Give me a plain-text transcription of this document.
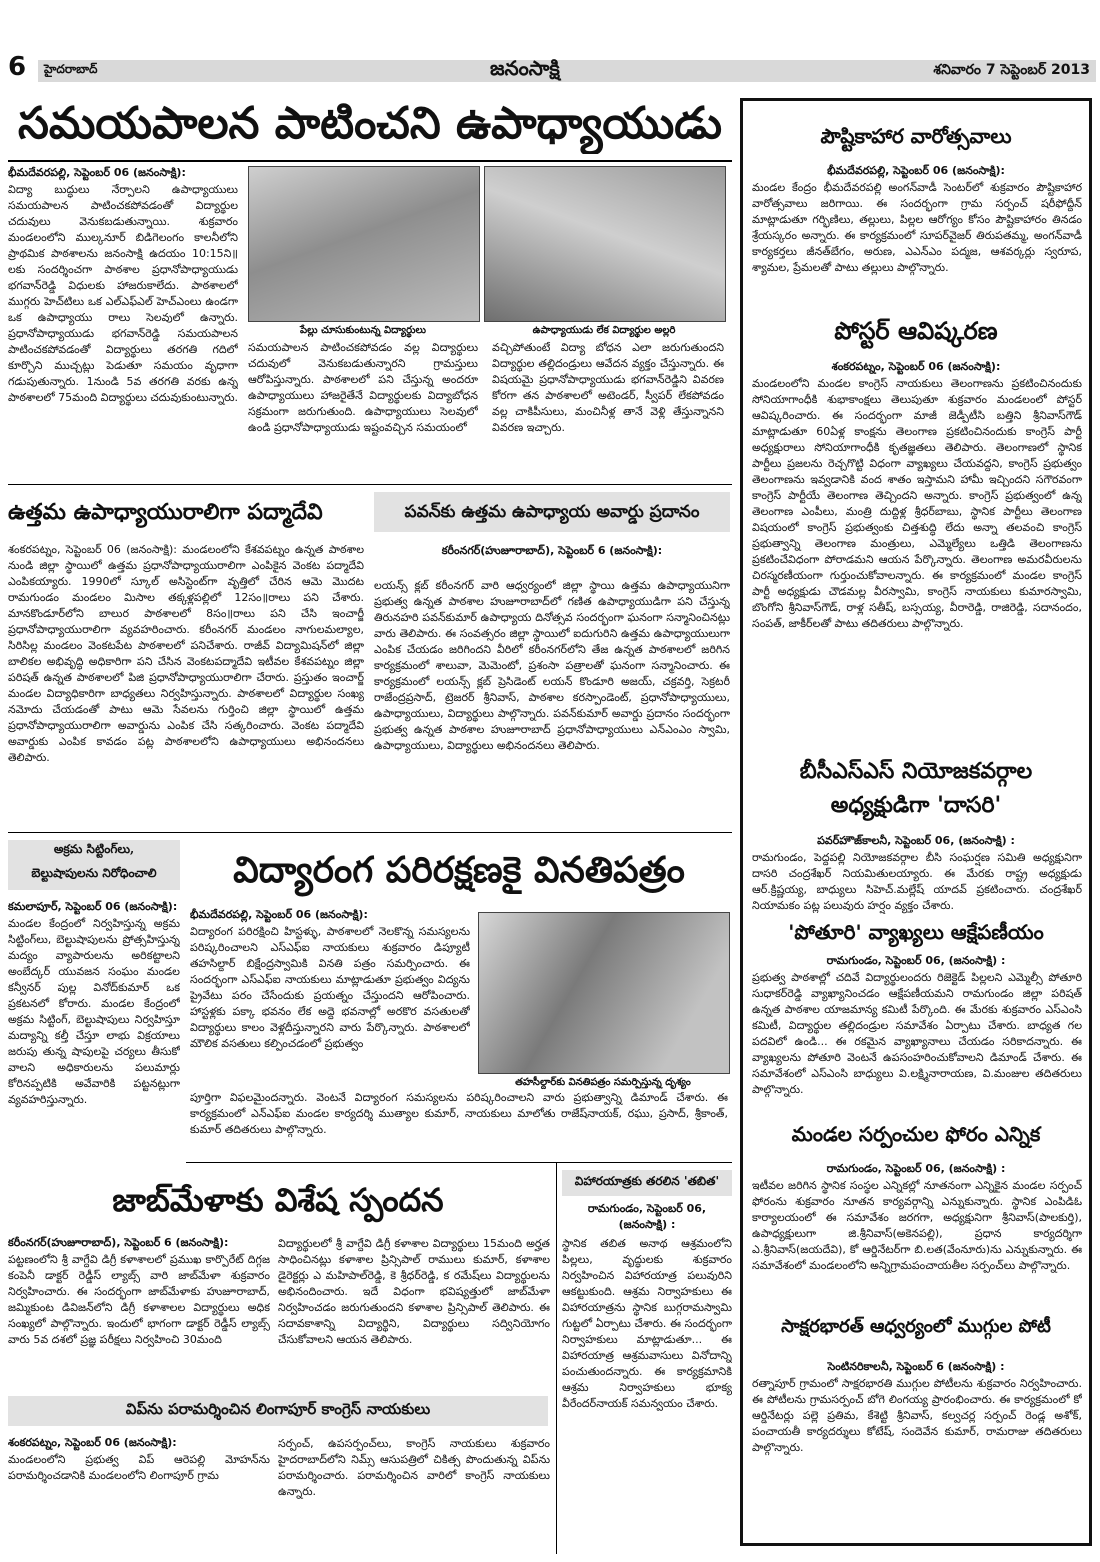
6	హైదరాబాద్	జనంసాక్షి	శనివారం 7 సెప్టెంబర్ 2013
సమయపాలన పాటించని ఉపాధ్యాయుడు
భీమదేవరపల్లి, సెప్టెంబర్ 06 (జనంసాక్షి):
విద్యా బుద్ధులు నేర్పాలని ఉపాధ్యాయులు సమయపాలన పాటించకపోవడంతో విద్యార్థుల చదువులు వెనుకబడుతున్నాయి. శుక్రవారం మండలంలోని ముల్కనూర్ బిడిగెలంగం కాలనీలోని ప్రాథమిక పాఠశాలను జనంసాక్షి ఉదయం 10:15ని॥లకు సందర్శించగా పాఠశాల ప్రధానోపాధ్యాయుడు భగవాన్‌రెడ్డి విధులకు హాజరుకాలేదు. పాఠశాలలో ముగ్గరు హెచ్‌టిలు ఒక ఎల్‌ఎఫ్‌ఎల్ హెచ్‌ఎంలు ఉండగా ఒక ఉపాధ్యాయు రాలు సెలవులో ఉన్నారు. ప్రధానోపాధ్యాయుడు భగవాన్‌రెడ్డి సమయపాలన పాటించకపోవడంతో విద్యార్థులు తరగతి గదిలో కూర్చొని ముచ్చట్లు పెడుతూ సమయం వృధాగా గడుపుతున్నారు. 1నుండి 5వ తరగతి వరకు ఉన్న పాఠశాలలో 75మంది విద్యార్థులు చదువుకుంటున్నారు.
పేల్లు చూసుకుంటున్న విద్యార్థులు	ఉపాధ్యాయుడు లేక విద్యార్థుల అల్లరి
సమయపాలన పాటించకపోవడం వల్ల విద్యార్థులు చదువులో వెనుకబడుతున్నారని గ్రామస్తులు ఆరోపిస్తున్నారు. పాఠశాలలో పని చేస్తున్న అందరూ ఉపాధ్యాయులు హాజరైతేనే విద్యార్థులకు విద్యాబోధన సక్రమంగా జరుగుతుంది. ఉపాధ్యాయులు సెలవులో ఉండి ప్రధానోపాధ్యాయుడు ఇష్టంవచ్చిన సమయంలో
వచ్చిపోతుంటే విద్యా బోధన ఎలా జరుగుతుందని విద్యార్థుల తల్లిదండ్రులు ఆవేదన వ్యక్తం చేస్తున్నారు. ఈ విషయమై ప్రధానోపాధ్యాయుడు భగవాన్‌రెడ్డిని వివరణ కోరగా తన పాఠశాలలో అటెండర్, స్వీపర్ లేకపోవడం వల్ల చాకిపీసులు, మంచినీళ్ల తానే వెళ్లి తేస్తున్నానని వివరణ ఇచ్చారు.
ఉత్తమ ఉపాధ్యాయురాలిగా పద్మాదేవి
శంకరపట్నం, సెప్టెంబర్ 06 (జనంసాక్షి): మండలంలోని కేశవపట్నం ఉన్నత పాఠశాల నుండి జిల్లా స్థాయిలో ఉత్తమ ప్రధానోపాధ్యాయురాలిగా ఎంపికైన వెంకట పద్మాదేవి ఎంపికయ్యారు. 1990లో స్కూల్ అసిస్టెంట్‌గా వృత్తిలో చేరిన ఆమె మొదట రామగుండం మండలం మిసాల తక్కళ్లపల్లిలో 12సం॥రాలు పని చేశారు. మానకొండూర్‌లోని బాలుర పాఠశాలలో 8సం॥రాలు పని చేసి ఇంచార్జీ ప్రధానోపాధ్యాయురాలిగా వ్యవహరించారు. కరీంనగర్ మండలం నాగులమల్యాల, సిరిసిల్ల మండలం వెంకటపేట పాఠశాలలో పనిచేశారు. రాజీవ్ విద్యామిషన్‌లో జిల్లా బాలికల అభివృద్ధి అధికారిగా పని చేసిన వెంకటపద్మాదేవి ఇటీవల కేశవపట్నం జిల్లా పరిషత్ ఉన్నత పాఠశాలలో పిజి ప్రధానోపాధ్యాయురాలిగా చేరారు. ప్రస్తుతం ఇంచార్జ్ మండల విద్యాధికారిగా బాధ్యతలు నిర్వహిస్తున్నారు. పాఠశాలలో విద్యార్థుల సంఖ్య నమోదు చేయడంతో పాటు ఆమె సేవలను గుర్తించి జిల్లా స్థాయిలో ఉత్తమ ప్రధానోపాధ్యాయురాలిగా అవార్డును ఎంపిక చేసి సత్కరించారు. వెంకట పద్మాదేవి అవార్డుకు ఎంపిక కావడం పట్ల పాఠశాలలోని ఉపాధ్యాయులు అభినందనలు తెలిపారు.
పవన్‌కు ఉత్తమ ఉపాధ్యాయ అవార్డు ప్రదానం
కరీంనగర్(హుజూరాబాద్), సెప్టెంబర్ 6 (జనంసాక్షి):
లయన్స్ క్లబ్ కరీంనగర్ వారి ఆధ్వర్యంలో జిల్లా స్థాయి ఉత్తమ ఉపాధ్యాయునిగా ప్రభుత్వ ఉన్నత పాఠశాల హుజూరాబాద్‌లో గణిత ఉపాధ్యాయుడిగా పని చేస్తున్న తిరునహరి పవన్‌కుమార్ ఉపాధ్యాయ దినోత్సవ సందర్భంగా ఘనంగా సన్మానించినట్లు వారు తెలిపారు. ఈ సంవత్సరం జిల్లా స్థాయిలో ఐదుగురిని ఉత్తమ ఉపాధ్యాయులుగా ఎంపిక చేయడం జరిగిందని వీరిలో కరీంనగర్‌లోని తేజ ఉన్నత పాఠశాలలో జరిగిన కార్యక్రమంలో శాలువా, మెమెంటో, ప్రశంసా పత్రాలతో ఘనంగా సన్మానించారు. ఈ కార్యక్రమంలో లయన్స్ క్లబ్ ప్రెసిడెంట్ లయన్ కొండూరి అజయ్, చక్రవర్తి, సెక్రటరీ రాజేంద్రప్రసాద్, ట్రెజరర్ శ్రీనివాస్, పాఠశాల కరస్పాండెంట్, ప్రధానోపాధ్యాయులు, ఉపాధ్యాయులు, విద్యార్థులు పాల్గొన్నారు. పవన్‌కుమార్ అవార్డు ప్రదానం సందర్భంగా ప్రభుత్వ ఉన్నత పాఠశాల హుజూరాబాద్ ప్రధానోపాధ్యాయులు ఎన్ఎంఎం స్వామి, ఉపాధ్యాయులు, విద్యార్థులు అభినందనలు తెలిపారు.
అక్రమ సిట్టింగ్‌లు,
బెల్టుషాపులను నిరోధించాలి
కమలాపూర్, సెప్టెంబర్ 06 (జనంసాక్షి):
మండల కేంద్రంలో నిర్వహిస్తున్న అక్రమ సిట్టింగ్‌లు, బెల్టుషాపులను ప్రోత్సహిస్తున్న మద్యం వ్యాపారులను అరికట్టాలని అంబేద్కర్ యువజన సంఘం మండల కన్వీనర్ పుల్ల వినోద్‌కుమార్ ఒక ప్రకటనలో కోరారు. మండల కేంద్రంలో అక్రమ సిట్టింగ్, బెల్టుషాపులు నిర్వహిస్తూ మద్యాన్ని కల్తీ చేస్తూ లాభు విక్రయాలు జరుపు తున్న షాపులపై చర్యలు తీసుకో వాలని అధికారులను పలుమార్లు కోరినప్పటికి అవేవారికి పట్టనట్లుగా వ్యవహరిస్తున్నారు.
విద్యారంగ పరిరక్షణకై వినతిపత్రం
భీమదేవరపల్లి, సెప్టెంబర్ 06 (జనంసాక్షి):
విద్యారంగ పరిరక్షించి హిస్టళ్ళు, పాఠశాలలో నెలకొన్న సమస్యలను పరిష్కరించాలని ఎస్ఎఫ్ఐ నాయకులు శుక్రవారం డిప్యూటీ తహసిల్దార్ బిక్షేంద్రస్వామికి వినతి పత్రం సమర్పించారు. ఈ సందర్భంగా ఎస్ఎఫ్ఐ నాయకులు మాట్లాడుతూ ప్రభుత్వం విద్యను ప్రైవేటు పరం చేసేందుకు ప్రయత్నం చేస్తుందని ఆరోపించారు. హాస్టళ్లకు పక్కా భవనం లేక అద్దె భవనాల్లో అరకొర వసతులతో విద్యార్థులు కాలం వెళ్లదీస్తున్నారని వారు పేర్కొన్నారు. పాఠశాలలో మౌలిక వసతులు కల్పించడంలో ప్రభుత్వం
తహసీల్దార్‌కు వినతిపత్రం సమర్పిస్తున్న దృశ్యం
పూర్తిగా విఫలమైందన్నారు. వెంటనే విద్యారంగ సమస్యలను పరిష్కరించాలని వారు ప్రభుత్వాన్ని డిమాండ్ చేశారు. ఈ కార్యక్రమంలో ఎన్ఎఫ్ఐ మండల కార్యదర్శి ముత్యాల కుమార్, నాయకులు మాలోతు రాజేష్‌నాయక్, రఘు, ప్రసాద్, శ్రీకాంత్, కుమార్ తదితరులు పాల్గొన్నారు.
జాబ్‌మేళాకు విశేష స్పందన
కరీంనగర్(హుజూరాబాద్), సెప్టెంబర్ 6 (జనంసాక్షి):
పట్టణంలోని శ్రీ వాగ్దేవి డిగ్రీ కళాశాలలో ప్రముఖ కార్పొరేట్ దిగ్గజ కంపెనీ డాక్టర్ రెడ్డీస్ ల్యాబ్స్ వారి జాబ్‌మేళా శుక్రవారం నిర్వహించారు. ఈ సందర్భంగా జాబ్‌మేళాకు హుజూరాబాద్, జమ్మికుంట డివిజన్‌లోని డిగ్రీ కళాశాలల విద్యార్థులు అధిక సంఖ్యలో పాల్గొన్నారు. ఇందులో భాగంగా డాక్టర్ రెడ్డీస్ ల్యాబ్స్ వారు 5వ దశలో ప్రజ్ఞ పరీక్షలు నిర్వహించి 30మంది
విద్యార్థులలో శ్రీ వాగ్దేవి డిగ్రీ కళాశాల విద్యార్థులు 15మంది అర్హత సాధించినట్లు కళాశాల ప్రిన్సిపాల్ రాములు కుమార్, కళాశాల డైరెక్టర్లు ఎ మహిపాల్‌రెడ్డి, కె శ్రీధర్‌రెడ్డి, క రమేష్‌లు విద్యార్థులను అభినందించారు. ఇదే విధంగా భవిష్యత్తులో జాబ్‌మేళా నిర్వహించడం జరుగుతుందని కళాశాల ప్రిన్సిపాల్ తెలిపారు. ఈ సదావకాశాన్ని విద్యార్థిని, విద్యార్థులు సద్వినియోగం చేసుకోవాలని ఆయన తెలిపారు.
విహారయాత్రకు తరలిన 'తబిత'
రామగుండం, సెప్టెంబర్ 06, (జనంసాక్షి) :
స్థానిక తబిత అనాథ ఆశ్రమంలోని పిల్లలు, వృద్ధులకు శుక్రవారం నిర్వహించిన విహారయాత్ర పలువురిని ఆకట్టుకుంది. ఆశ్రమ నిర్వాహకులు ఈ విహారయాత్రను స్థానిక బుగ్గరామస్వామి గుట్టలో ఏర్పాటు చేశారు. ఈ సందర్భంగా నిర్వాహకులు మాట్లాడుతూ... ఈ విహారయాత్ర ఆశ్రమవాసులు వినోదాన్ని పంచుతుందన్నారు. ఈ కార్యక్రమానికి ఆశ్రమ నిర్వాహకులు భూక్య వీరేందర్‌నాయక్ సమన్వయం చేశారు.
విప్‌ను పరామర్శించిన లింగాపూర్ కాంగ్రెస్ నాయకులు
శంకరపట్నం, సెప్టెంబర్ 06 (జనంసాక్షి):
మండలంలోని ప్రభుత్వ విప్ ఆరెపల్లి మోహన్‌ను పరామర్శించడానికి మండలంలోని లింగాపూర్ గ్రామ
సర్పంచ్, ఉపసర్పంచ్‌లు, కాంగ్రెస్ నాయకులు శుక్రవారం హైదరాబాద్‌లోని నిమ్స్ ఆసుపత్రిలో చికిత్స పొందుతున్న విప్‌ను పరామర్శించారు. పరామర్శించిన వారిలో కాంగ్రెస్ నాయకులు ఉన్నారు.
పౌష్టికాహార వారోత్సవాలు
భీమదేవరపల్లి, సెప్టెంబర్ 06 (జనంసాక్షి):
మండల కేంద్రం భీమదేవరపల్లి అంగన్‌వాడీ సెంటర్‌లో శుక్రవారం పౌష్టికాహార వారోత్సవాలు జరిగాయి. ఈ సందర్భంగా గ్రామ సర్పంచ్ షరీఫోద్దీన్ మాట్లాడుతూ గర్భిణిలు, తల్లులు, పిల్లల ఆరోగ్యం కోసం పౌష్టికాహారం తినడం శ్రేయస్కరం అన్నారు. ఈ కార్యక్రమంలో సూపర్‌వైజర్ తిరుపతమ్మ, అంగన్‌వాడీ కార్యకర్తలు జీనత్‌బేగం, అరుణ, ఎఎన్ఎం పద్మజ, ఆశవర్కర్లు స్వరూప, శ్యామల, ప్రేమలతో పాటు తల్లులు పాల్గొన్నారు.
పోస్టర్ ఆవిష్కరణ
శంకరపట్నం, సెప్టెంబర్ 06 (జనంసాక్షి):
మండలంలోని మండల కాంగ్రెస్ నాయకులు తెలంగాణను ప్రకటించినందుకు సోనియాగాంధీకి శుభాకాంక్షలు తెలుపుతూ శుక్రవారం మండలంలో పోస్టర్ ఆవిష్కరించారు. ఈ సందర్భంగా మాజీ జెడ్పీటీసి బత్తిని శ్రీనివాస్‌గౌడ్ మాట్లాడుతూ 60ఏళ్ల కాంక్షను తెలంగాణ ప్రకటించినందుకు కాంగ్రెస్ పార్టీ అధ్యక్షురాలు సోనియాగాంధీకి కృతజ్ఞతలు తెలిపారు. తెలంగాణలో స్థానిక పార్టీలు ప్రజలను రెచ్చగొట్టి విధంగా వ్యాఖ్యలు చేయవద్దని, కాంగ్రెస్ ప్రభుత్వం తెలంగాణను ఇవ్వడానికి వంద శాతం ఇస్తామని హామీ ఇచ్చిందని సగౌరవంగా కాంగ్రెస్ పార్టీయే తెలంగాణ తెచ్చిందని అన్నారు. కాంగ్రెస్ ప్రభుత్వంలో ఉన్న తెలంగాణ ఎంపీలు, మంత్రి దుద్దిళ్ల శ్రీధర్‌బాబు, స్థానిక పార్టీలు తెలంగాణ విషయంలో కాంగ్రెస్ ప్రభుత్వంకు చిత్తశుద్ధి లేదు అన్నా తలవంచి కాంగ్రెస్ ప్రభుత్వాన్ని తెలంగాణ మంత్రులు, ఎమ్మెల్యేలు ఒత్తిడి తెలంగాణను ప్రకటించేవిధంగా పోరాడమని ఆయన పేర్కొన్నారు. తెలంగాణ అమరవీరులను చిరస్మరణీయంగా గుర్తుంచుకోవాలన్నారు. ఈ కార్యక్రమంలో మండల కాంగ్రెస్ పార్టీ అధ్యక్షుడు చౌడమల్ల వీరస్వామి, కాంగ్రెస్ నాయకులు కుమారస్వామి, బొంగోని శ్రీనివాస్‌గౌడ్, రాళ్ల సతీష్, బస్సయ్య, వీరారెడ్డి, రాజిరెడ్డి, సదానందం, సంపత్, జాకీర్‌లతో పాటు తదితరులు పాల్గొన్నారు.
బీసీఎస్ఎస్ నియోజకవర్గాల
అధ్యక్షుడిగా 'దాసరి'
పవర్‌హౌజ్‌కాలనీ, సెప్టెంబర్ 06, (జనంసాక్షి) :
రామగుండం, పెద్దపల్లి నియోజకవర్గాల బీసి సంఘర్షణ సమితి అధ్యక్షునిగా దాసరి చంద్రశేఖర్ నియమితులయ్యారు. ఈ మేరకు రాష్ట్ర అధ్యక్షుడు ఆర్.క్రిష్ణయ్య, బాధ్యులు సిహెచ్.మల్లేష్ యాదవ్ ప్రకటించారు. చంద్రశేఖర్ నియామకం పట్ల పలువురు హర్షం వ్యక్తం చేశారు.
'పోతూరి' వ్యాఖ్యలు ఆక్షేపణీయం
రామగుండం, సెప్టెంబర్ 06, (జనంసాక్షి) :
ప్రభుత్వ పాఠశాల్లో చదివే విద్యార్థులందరు రిజెక్టెడ్ పిల్లలని ఎమ్మెల్సీ పోతూరి సుధాకర్‌రెడ్డి వ్యాఖ్యానించడం ఆక్షేపణీయమని రామగుండం జిల్లా పరిషత్ ఉన్నత పాఠశాల యాజమాన్య కమిటీ పేర్కొంది. ఈ మేరకు శుక్రవారం ఎస్ఎంసి కమిటీ, విద్యార్థుల తల్లిదండ్రుల సమావేశం ఏర్పాటు చేశారు. బాధ్యత గల పదవిలో ఉండి... ఈ రకమైన వ్యాఖ్యానాలు చేయడం సరికాదన్నారు. ఈ వ్యాఖ్యలను పోతూరి వెంటనే ఉపసంహరించుకోవాలని డిమాండ్ చేశారు. ఈ సమావేశంలో ఎస్ఎంసి బాధ్యులు వి.లక్ష్మినారాయణ, వి.మంజుల తదితరులు పాల్గొన్నారు.
మండల సర్పంచుల ఫోరం ఎన్నిక
రామగుండం, సెప్టెంబర్ 06, (జనంసాక్షి) :
ఇటీవల జరిగిన స్థానిక సంస్థల ఎన్నికల్లో నూతనంగా ఎన్నికైన మండల సర్పంచ్ ఫోరంను శుక్రవారం నూతన కార్యవర్గాన్ని ఎన్నుకున్నారు. స్థానిక ఎంపిడిఓ కార్యాలయంలో ఈ సమావేశం జరగగా, అధ్యక్షునిగా శ్రీనివాస్(పాలకుర్తి), ఉపాధ్యక్షులుగా జి.శ్రీనివాస్(అకెనపల్లి), ప్రధాన కార్యదర్శిగా ఎ.శ్రీనివాస్(జయదేవి), కో ఆర్డినేటర్‌గా బి.లత(వేంనూరు)ను ఎన్నుకున్నారు. ఈ సమావేశంలో మండలంలోని అన్నిగ్రామపంచాయతీల సర్పంచ్‌లు పాల్గొన్నారు.
సాక్షరభారత్ ఆధ్వర్యంలో ముగ్గుల పోటీ
సెంటినరికాలనీ, సెప్టెంబర్ 6 (జనంసాక్షి) :
రత్నాపూర్ గ్రామంలో సాక్షరభారతి ముగ్గుల పోటీలను శుక్రవారం నిర్వహించారు. ఈ పోటీలను గ్రామసర్పంచ్ బోగె లింగయ్య ప్రారంభించారు. ఈ కార్యక్రమంలో కో ఆర్డినేటర్లు పల్లె ప్రతిమ, కేశెట్టి శ్రీనివాస్, కల్వచర్ల సర్పంచ్ రెండ్ల అశోక్, పంచాయతీ కార్యదర్శులు కోటేష్, సందెవేన కుమార్, రామరాజు తదితరులు పాల్గొన్నారు.
